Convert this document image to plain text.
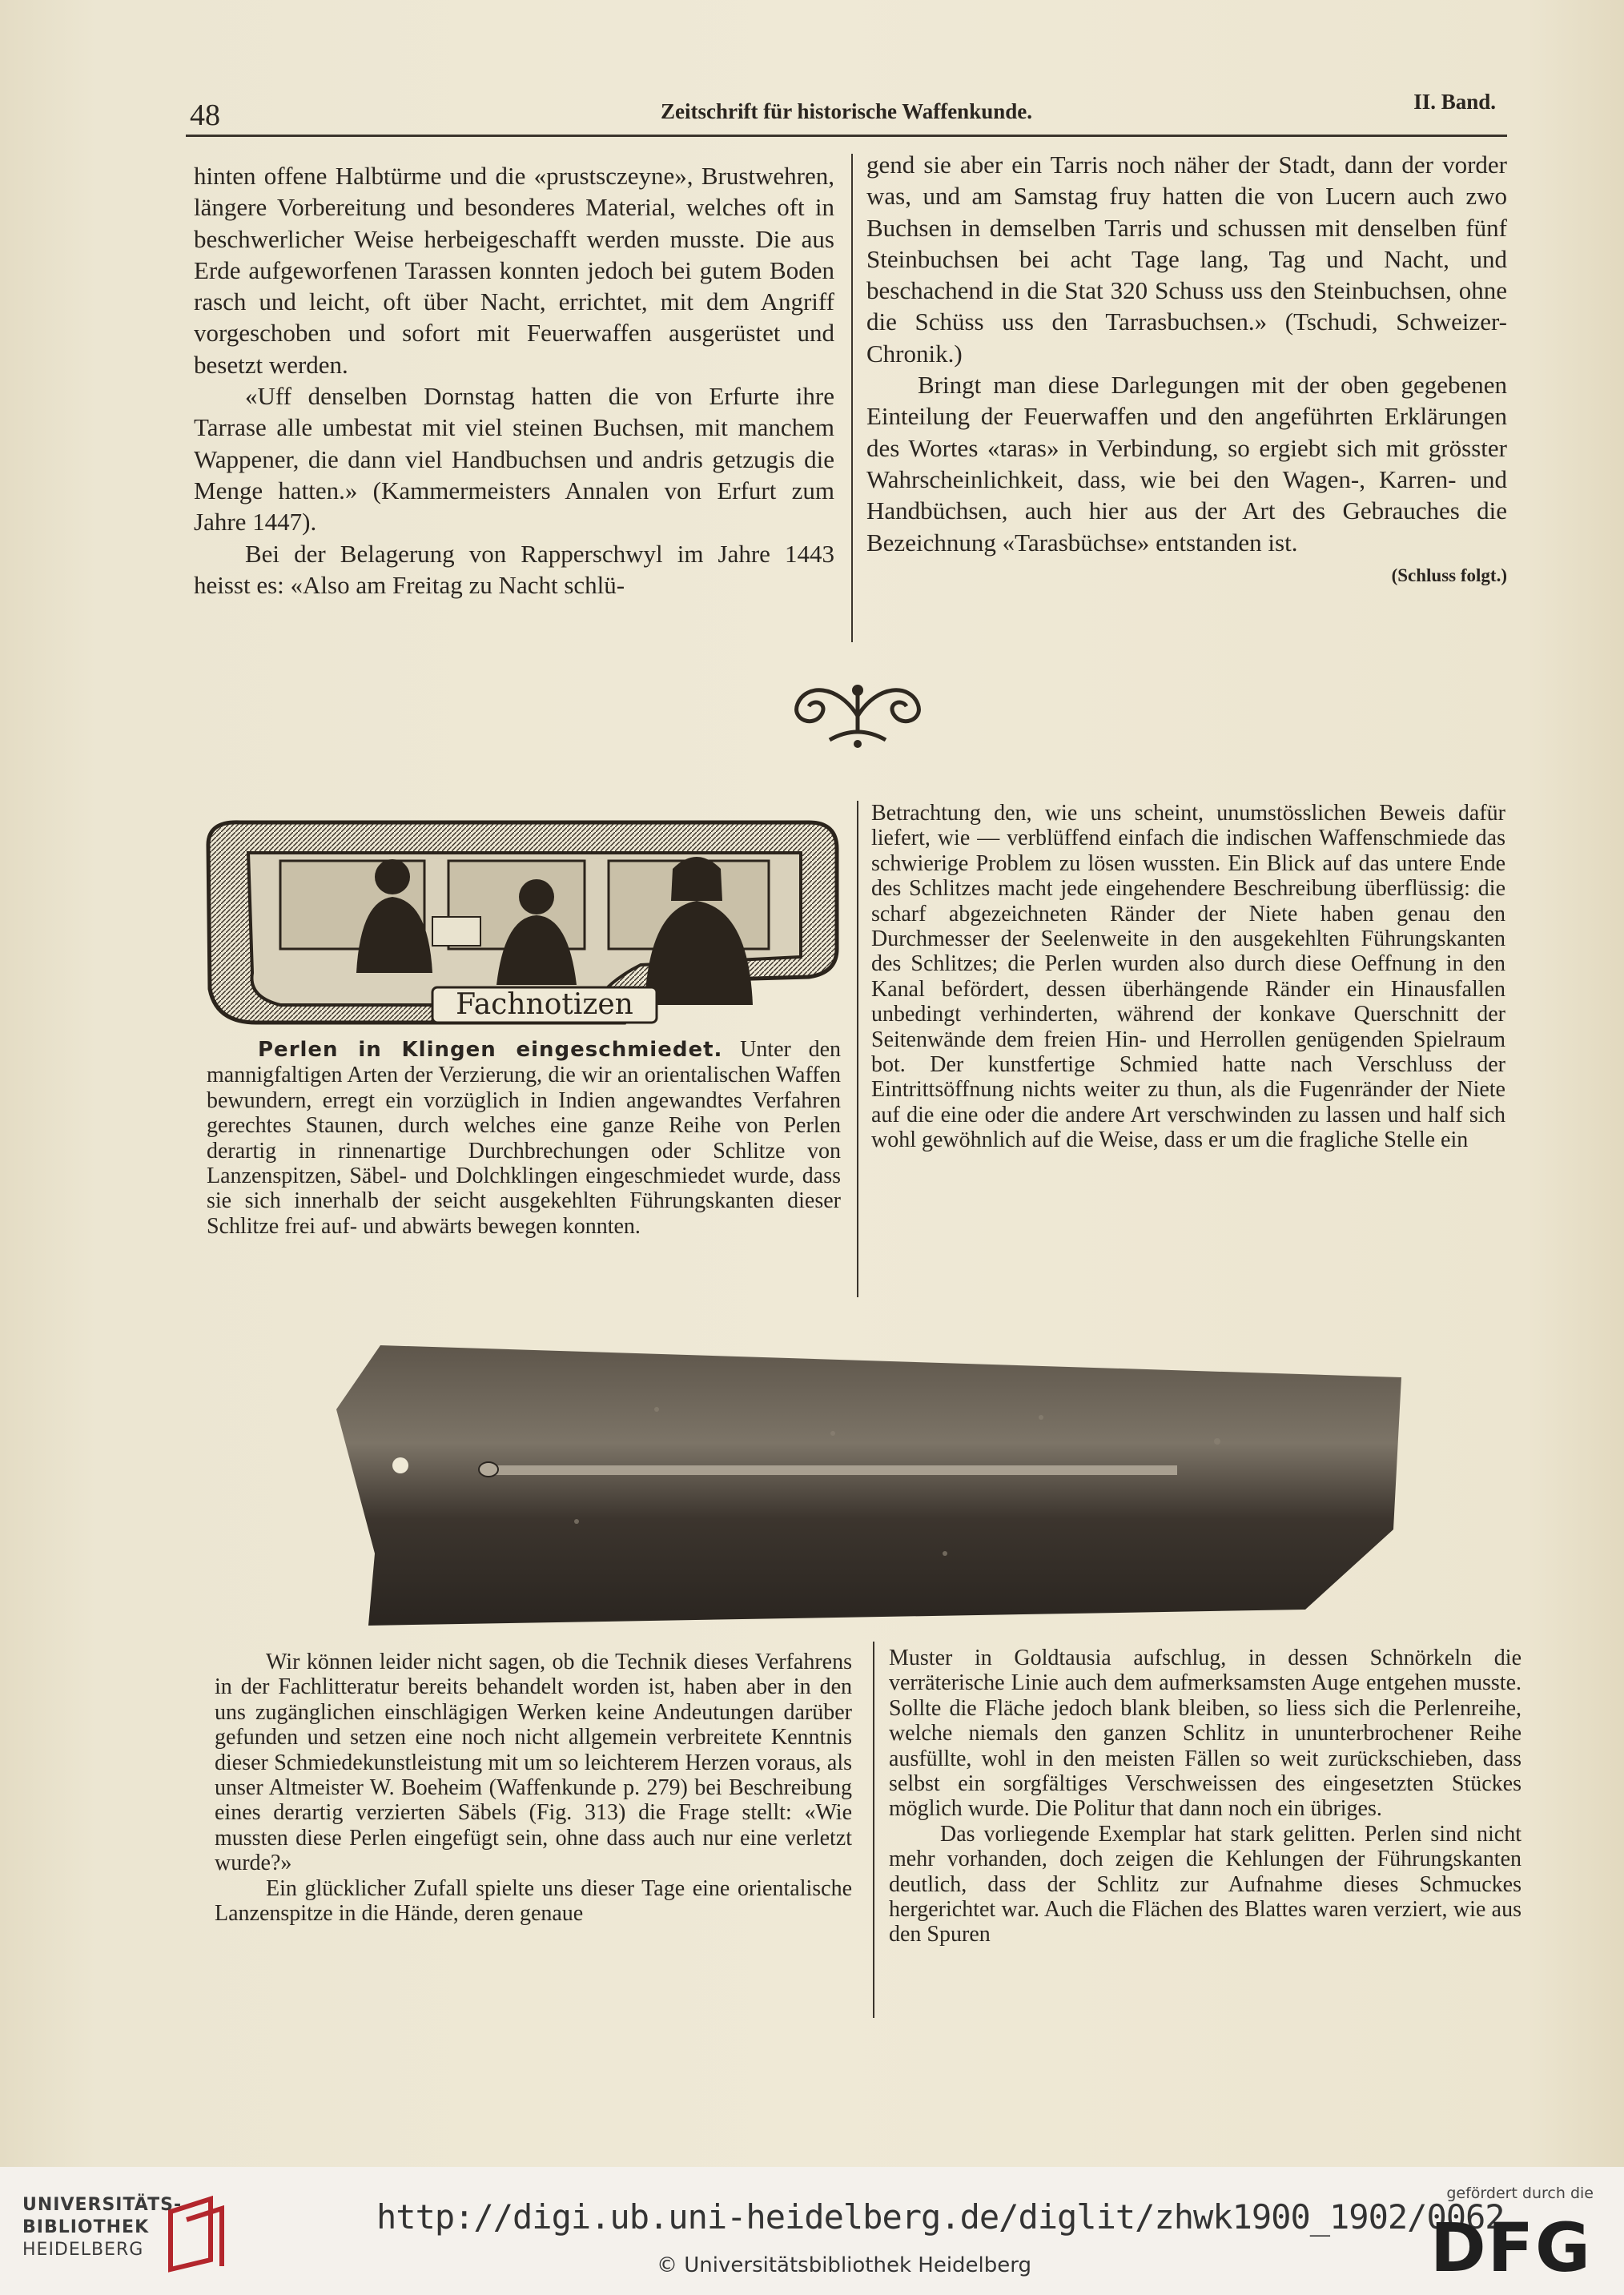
48	Zeitschrift für historische Waffenkunde.	II. Band.

hinten offene Halbtürme und die «prustsczeyne», Brustwehren, längere Vorbereitung und besonderes Material, welches oft in beschwerlicher Weise herbeigeschafft werden musste. Die aus Erde aufgeworfenen Tarassen konnten jedoch bei gutem Boden rasch und leicht, oft über Nacht, errichtet, mit dem Angriff vorgeschoben und sofort mit Feuerwaffen ausgerüstet und besetzt werden.

«Uff denselben Dornstag hatten die von Erfurte ihre Tarrase alle umbestat mit viel steinen Buchsen, mit manchem Wappener, die dann viel Handbuchsen und andris getzugis die Menge hatten.» (Kammermeisters Annalen von Erfurt zum Jahre 1447).

Bei der Belagerung von Rapperschwyl im Jahre 1443 heisst es: «Also am Freitag zu Nacht schlü-

gend sie aber ein Tarris noch näher der Stadt, dann der vorder was, und am Samstag fruy hatten die von Lucern auch zwo Buchsen in demselben Tarris und schussen mit denselben fünf Steinbuchsen bei acht Tage lang, Tag und Nacht, und beschachend in die Stat 320 Schuss uss den Steinbuchsen, ohne die Schüss uss den Tarrasbuchsen.» (Tschudi, Schweizer-Chronik.)

Bringt man diese Darlegungen mit der oben gegebenen Einteilung der Feuerwaffen und den angeführten Erklärungen des Wortes «taras» in Verbindung, so ergiebt sich mit grösster Wahrscheinlichkeit, dass, wie bei den Wagen-, Karren- und Handbüchsen, auch hier aus der Art des Gebrauches die Bezeichnung «Tarasbüchse» entstanden ist.

(Schluss folgt.)
Fachnotizen

Perlen in Klingen eingeschmiedet. Unter den mannigfaltigen Arten der Verzierung, die wir an orientalischen Waffen bewundern, erregt ein vorzüglich in Indien angewandtes Verfahren gerechtes Staunen, durch welches eine ganze Reihe von Perlen derartig in rinnenartige Durchbrechungen oder Schlitze von Lanzenspitzen, Säbel- und Dolchklingen eingeschmiedet wurde, dass sie sich innerhalb der seicht ausgekehlten Führungskanten dieser Schlitze frei auf- und abwärts bewegen konnten.

Betrachtung den, wie uns scheint, unumstösslichen Beweis dafür liefert, wie — verblüffend einfach die indischen Waffenschmiede das schwierige Problem zu lösen wussten. Ein Blick auf das untere Ende des Schlitzes macht jede eingehendere Beschreibung überflüssig: die scharf abgezeichneten Ränder der Niete haben genau den Durchmesser der Seelenweite in den ausgekehlten Führungskanten des Schlitzes; die Perlen wurden also durch diese Oeffnung in den Kanal befördert, dessen überhängende Ränder ein Hinausfallen unbedingt verhinderten, während der konkave Querschnitt der Seitenwände dem freien Hin- und Herrollen genügenden Spielraum bot. Der kunstfertige Schmied hatte nach Verschluss der Eintrittsöffnung nichts weiter zu thun, als die Fugenränder der Niete auf die eine oder die andere Art verschwinden zu lassen und half sich wohl gewöhnlich auf die Weise, dass er um die fragliche Stelle ein

Wir können leider nicht sagen, ob die Technik dieses Verfahrens in der Fachlitteratur bereits behandelt worden ist, haben aber in den uns zugänglichen einschlägigen Werken keine Andeutungen darüber gefunden und setzen eine noch nicht allgemein verbreitete Kenntnis dieser Schmiedekunstleistung mit um so leichterem Herzen voraus, als unser Altmeister W. Boeheim (Waffenkunde p. 279) bei Beschreibung eines derartig verzierten Säbels (Fig. 313) die Frage stellt: «Wie mussten diese Perlen eingefügt sein, ohne dass auch nur eine verletzt wurde?»

Ein glücklicher Zufall spielte uns dieser Tage eine orientalische Lanzenspitze in die Hände, deren genaue

Muster in Goldtausia aufschlug, in dessen Schnörkeln die verräterische Linie auch dem aufmerksamsten Auge entgehen musste. Sollte die Fläche jedoch blank bleiben, so liess sich die Perlenreihe, welche niemals den ganzen Schlitz in ununterbrochener Reihe ausfüllte, wohl in den meisten Fällen so weit zurückschieben, dass selbst ein sorgfältiges Verschweissen des eingesetzten Stückes möglich wurde. Die Politur that dann noch ein übriges.

Das vorliegende Exemplar hat stark gelitten. Perlen sind nicht mehr vorhanden, doch zeigen die Kehlungen der Führungskanten deutlich, dass der Schlitz zur Aufnahme dieses Schmuckes hergerichtet war. Auch die Flächen des Blattes waren verziert, wie aus den Spuren

UNIVERSITÄTS-
BIBLIOTHEK
HEIDELBERG
http://digi.ub.uni-heidelberg.de/diglit/zhwk1900_1902/0062
© Universitätsbibliothek Heidelberg
gefördert durch die
DFG
